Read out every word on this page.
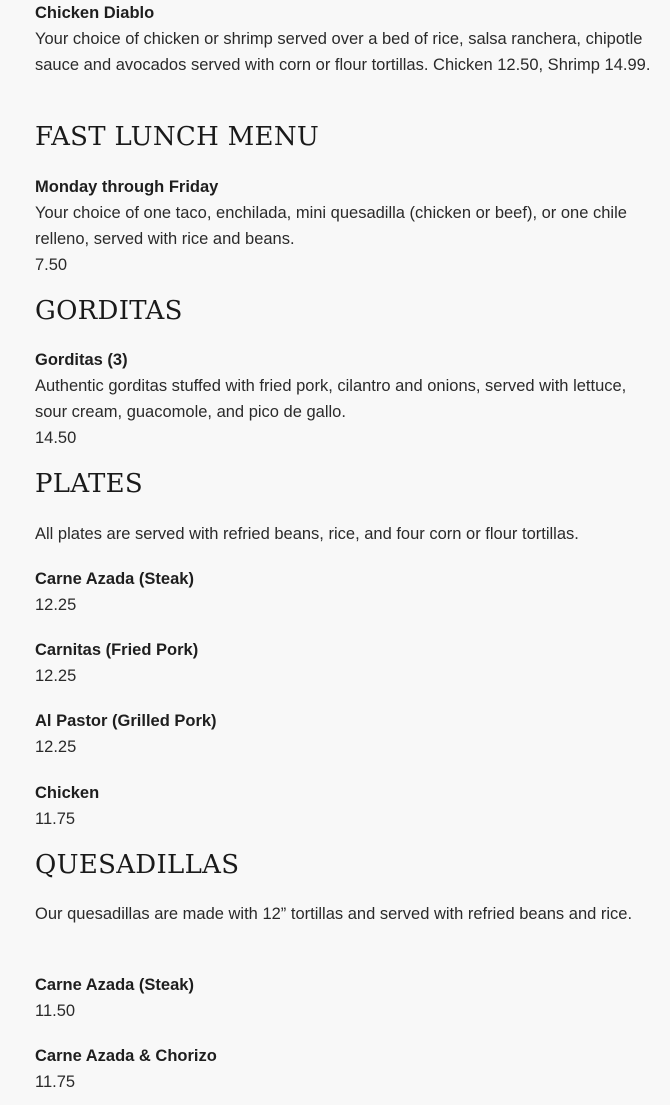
Chicken Diablo

Your choice of chicken or shrimp served over a bed of rice, salsa ranchera, chipotle sauce and avocados served with corn or flour tortillas. Chicken 12.50, Shrimp 14.99.

FAST LUNCH MENU

Monday through Friday

Your choice of one taco, enchilada, mini quesadilla (chicken or beef), or one chile relleno, served with rice and beans.

7.50

GORDITAS

Gorditas (3)

Authentic gorditas stuffed with fried pork, cilantro and onions, served with lettuce, sour cream, guacomole, and pico de gallo.

14.50

PLATES

All plates are served with refried beans, rice, and four corn or flour tortillas.

Carne Azada (Steak)

12.25

Carnitas (Fried Pork)

12.25

Al Pastor (Grilled Pork)

12.25

Chicken

11.75

QUESADILLAS

Our quesadillas are made with 12” tortillas and served with refried beans and rice.

Carne Azada (Steak)

11.50

Carne Azada & Chorizo

11.75
